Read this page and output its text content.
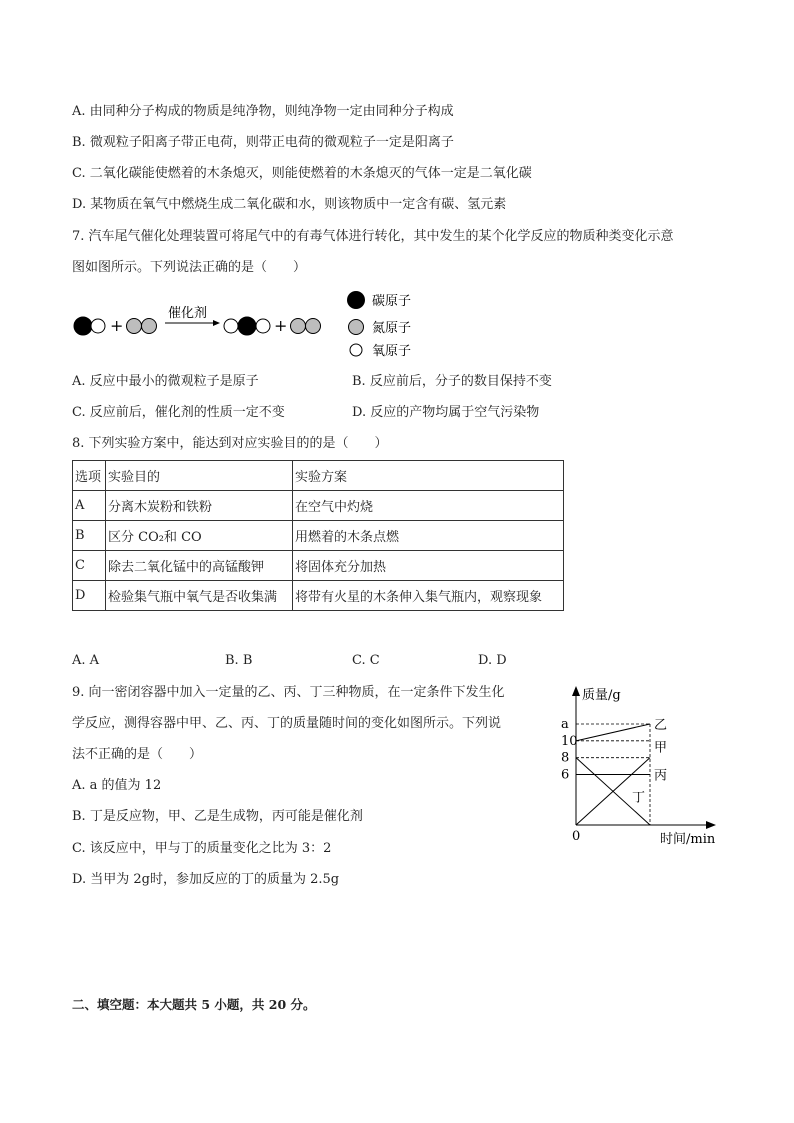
A. 由同种分子构成的物质是纯净物，则纯净物一定由同种分子构成
B. 微观粒子阳离子带正电荷，则带正电荷的微观粒子一定是阳离子
C. 二氧化碳能使燃着的木条熄灭，则能使燃着的木条熄灭的气体一定是二氧化碳
D. 某物质在氧气中燃烧生成二氧化碳和水，则该物质中一定含有碳、氢元素
7. 汽车尾气催化处理装置可将尾气中的有毒气体进行转化，其中发生的某个化学反应的物质种类变化示意
图如图所示。下列说法正确的是（　　）
+
催化剂
+
碳原子
氮原子
氧原子
A. 反应中最小的微观粒子是原子	B. 反应前后，分子的数目保持不变
C. 反应前后，催化剂的性质一定不变	D. 反应的产物均属于空气污染物
8. 下列实验方案中，能达到对应实验目的的是（　　）
选项	实验目的	实验方案
A	分离木炭粉和铁粉	在空气中灼烧
B	区分 CO₂和 CO	用燃着的木条点燃
C	除去二氧化锰中的高锰酸钾	将固体充分加热
D	检验集气瓶中氧气是否收集满	将带有火星的木条伸入集气瓶内，观察现象
A. A	B. B	C. C	D. D
9. 向一密闭容器中加入一定量的乙、丙、丁三种物质，在一定条件下发生化
学反应，测得容器中甲、乙、丙、丁的质量随时间的变化如图所示。下列说
法不正确的是（　　）
A. a 的值为 12
B. 丁是反应物，甲、乙是生成物，丙可能是催化剂
C. 该反应中，甲与丁的质量变化之比为 3：2
D. 当甲为 2g时，参加反应的丁的质量为 2.5g
质量/g
时间/min
a
10
8
6
0
乙
甲
丙
丁
二、填空题：本大题共 5 小题，共 20 分。
